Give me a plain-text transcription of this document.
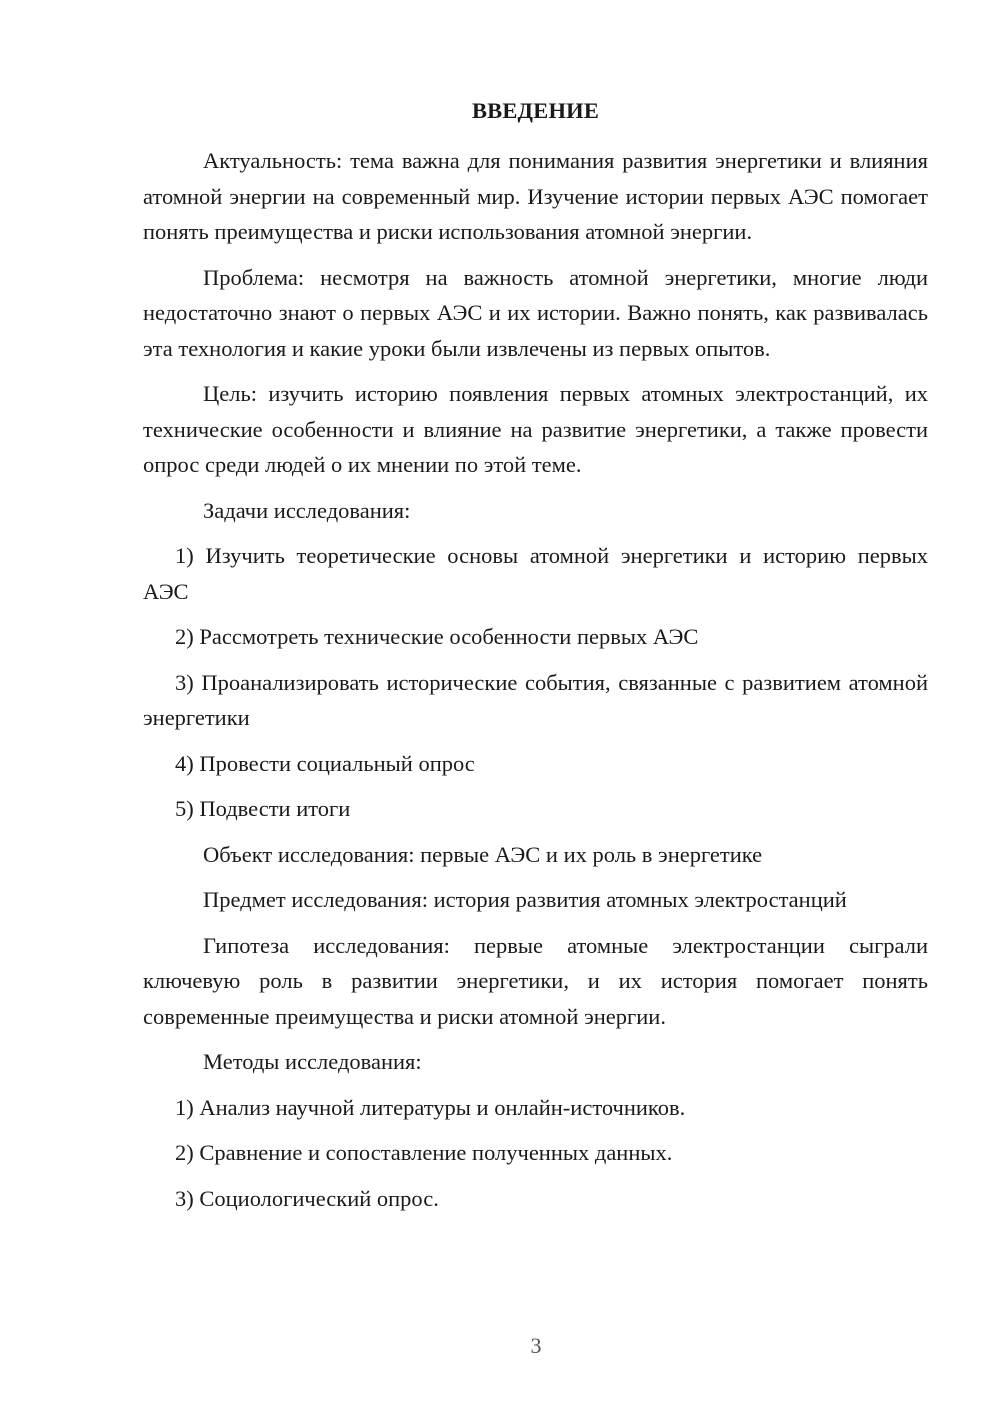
ВВЕДЕНИЕ

Актуальность: тема важна для понимания развития энергетики и влияния атомной энергии на современный мир. Изучение истории первых АЭС помогает понять преимущества и риски использования атомной энергии.

Проблема: несмотря на важность атомной энергетики, многие люди недостаточно знают о первых АЭС и их истории. Важно понять, как развивалась эта технология и какие уроки были извлечены из первых опытов.

Цель: изучить историю появления первых атомных электростанций, их технические особенности и влияние на развитие энергетики, а также провести опрос среди людей о их мнении по этой теме.

Задачи исследования:

1) Изучить теоретические основы атомной энергетики и историю первых АЭС

2) Рассмотреть технические особенности первых АЭС

3) Проанализировать исторические события, связанные с развитием атомной энергетики

4) Провести социальный опрос

5) Подвести итоги

Объект исследования: первые АЭС и их роль в энергетике

Предмет исследования: история развития атомных электростанций

Гипотеза исследования: первые атомные электростанции сыграли ключевую роль в развитии энергетики, и их история помогает понять современные преимущества и риски атомной энергии.

Методы исследования:

1) Анализ научной литературы и онлайн-источников.

2) Сравнение и сопоставление полученных данных.

3) Социологический опрос.

3
